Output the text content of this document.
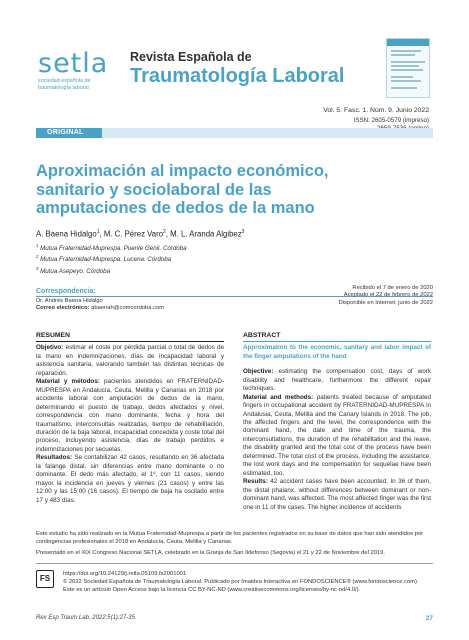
setla
sociedad española de traumatología laboral
Revista Española de
Traumatología Laboral
Vol. 5. Fasc. 1. Núm. 9. Junio 2022
ISSN: 2605-0579 (impreso)
ORIGINAL
Aproximación al impacto económico, sanitario y sociolaboral de las amputaciones de dedos de la mano
A. Baena Hidalgo$^1$, M. C. Pérez Varo$^2$, M. L. Aranda Algibez$^3$
$^1$ Mutua Fraternidad-Muprespa. Puente Genil. Córdoba
$^2$ Mutua Fraternidad-Muprespa. Lucena. Córdoba
$^3$ Mutua Asepeyo. Córdoba
Correspondencia:
Dr. Andrés Baena Hidalgo
Correo electrónico: abaenah@comcordoba.com
Recibido el 7 de enero de 2020
Aceptado el 22 de febrero de 2022
Disponible en Internet: junio de 2022
RESUMEN

Objetivo: estimar el coste por pérdida parcial o total de dedos de la mano en indemnizaciones, días de incapacidad laboral y asistencia sanitaria, valorando también las distintas técnicas de reparación.

Material y métodos: pacientes atendidos en FRATERNIDAD-MUPRESPA en Andalucía, Ceuta, Melilla y Canarias en 2018 por accidente laboral con amputación de dedos de la mano, determinando el puesto de trabajo, dedos afectados y nivel, correspondencia con mano dominante, fecha y hora del traumatismo, interconsultas realizadas, tiempo de rehabilitación, duración de la baja laboral, incapacidad concedida y coste total del proceso, incluyendo asistencia, días de trabajo perdidos e indemnizaciones por secuelas.

Resultados: Se contabilizan 42 casos, resultando en 36 afectada la falange distal, sin diferencias entre mano dominante o no dominante. El dedo más afectado, el 1º, con 11 casos, siendo mayor la incidencia en jueves y viernes (21 casos) y entre las 12:00 y las 15:00 (16 casos). El tiempo de baja ha oscilado entre 17 y 483 días.

ABSTRACT
Approximation to the economic, sanitary and labor impact of the finger amputations of the hand

Objective: estimating the compensation cost, days of work disability and healthcare, furthermore the different repair techniques.

Material and methods: patients treated because of amputated fingers in occupational accident by FRATERNIDAD-MUPRESPA in Andalusia, Ceuta, Melilla and the Canary Islands in 2018. The job, the affected fingers and the level, the correspondence with the dominant hand, the date and time of the trauma, the interconsultations, the duration of the rehabilitation and the leave, the disability granted and the total cost of the process have been determined. The total cost of the process, including the assistance, the lost work days and the compensation for sequelae have been estimated, too.

Results: 42 accident cases have been accounted. In 36 of them, the distal phalanx, without differences between dominant or non-dominant hand, was affected. The most affected finger was the first one in 11 of the cases. The higher incidence of accidents

Este estudio ha sido realizado en la Mutua Fraternidad-Muprespa a partir de los pacientes registrados en su base de datos que han sido atendidos por contingencias profesionales el 2018 en Andalucía, Ceuta, Melilla y Canarias.
Presentado en el XIX Congreso Nacional SETLA, celebrado en la Granja de San Ildefonso (Segovia) el 21 y 22 de Noviembre del 2019.
FS	https://doi.org/10.24129/j.retla.05109.fs2001001
© 2022 Sociedad Española de Traumatología Laboral. Publicado por Imaidea Interactiva en FONDOSCIENCE® (www.fondoscience.com).
Este es un artículo Open Access bajo la licencia CC BY-NC-ND (www.creativecommons.org/licenses/by-nc-nd/4.0/).
Rev Esp Traum Lab. 2022;5(1):27-35	27
